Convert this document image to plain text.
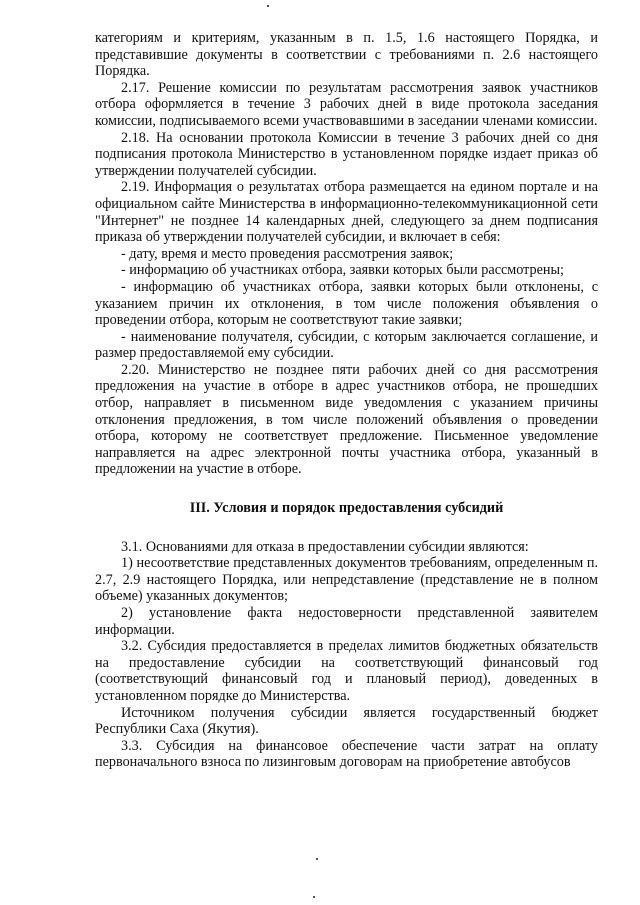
категориям и критериям, указанным в п. 1.5, 1.6 настоящего Порядка, и представившие документы в соответствии с требованиями п. 2.6 настоящего Порядка.

2.17. Решение комиссии по результатам рассмотрения заявок участников отбора оформляется в течение 3 рабочих дней в виде протокола заседания комиссии, подписываемого всеми участвовавшими в заседании членами комиссии.

2.18. На основании протокола Комиссии в течение 3 рабочих дней со дня подписания протокола Министерство в установленном порядке издает приказ об утверждении получателей субсидии.

2.19. Информация о результатах отбора размещается на едином портале и на официальном сайте Министерства в информационно-телекоммуникационной сети "Интернет" не позднее 14 календарных дней, следующего за днем подписания приказа об утверждении получателей субсидии, и включает в себя:

- дату, время и место проведения рассмотрения заявок;

- информацию об участниках отбора, заявки которых были рассмотрены;

- информацию об участниках отбора, заявки которых были отклонены, с указанием причин их отклонения, в том числе положения объявления о проведении отбора, которым не соответствуют такие заявки;

- наименование получателя, субсидии, с которым заключается соглашение, и размер предоставляемой ему субсидии.

2.20. Министерство не позднее пяти рабочих дней со дня рассмотрения предложения на участие в отборе в адрес участников отбора, не прошедших отбор, направляет в письменном виде уведомления с указанием причины отклонения предложения, в том числе положений объявления о проведении отбора, которому не соответствует предложение. Письменное уведомление направляется на адрес электронной почты участника отбора, указанный в предложении на участие в отборе.

III. Условия и порядок предоставления субсидий

3.1. Основаниями для отказа в предоставлении субсидии являются:

1) несоответствие представленных документов требованиям, определенным п. 2.7, 2.9 настоящего Порядка, или непредставление (представление не в полном объеме) указанных документов;

2) установление факта недостоверности представленной заявителем информации.

3.2. Субсидия предоставляется в пределах лимитов бюджетных обязательств на предоставление субсидии на соответствующий финансовый год (соответствующий финансовый год и плановый период), доведенных в установленном порядке до Министерства.

Источником получения субсидии является государственный бюджет Республики Саха (Якутия).

3.3. Субсидия на финансовое обеспечение части затрат на оплату первоначального взноса по лизинговым договорам на приобретение автобусов
